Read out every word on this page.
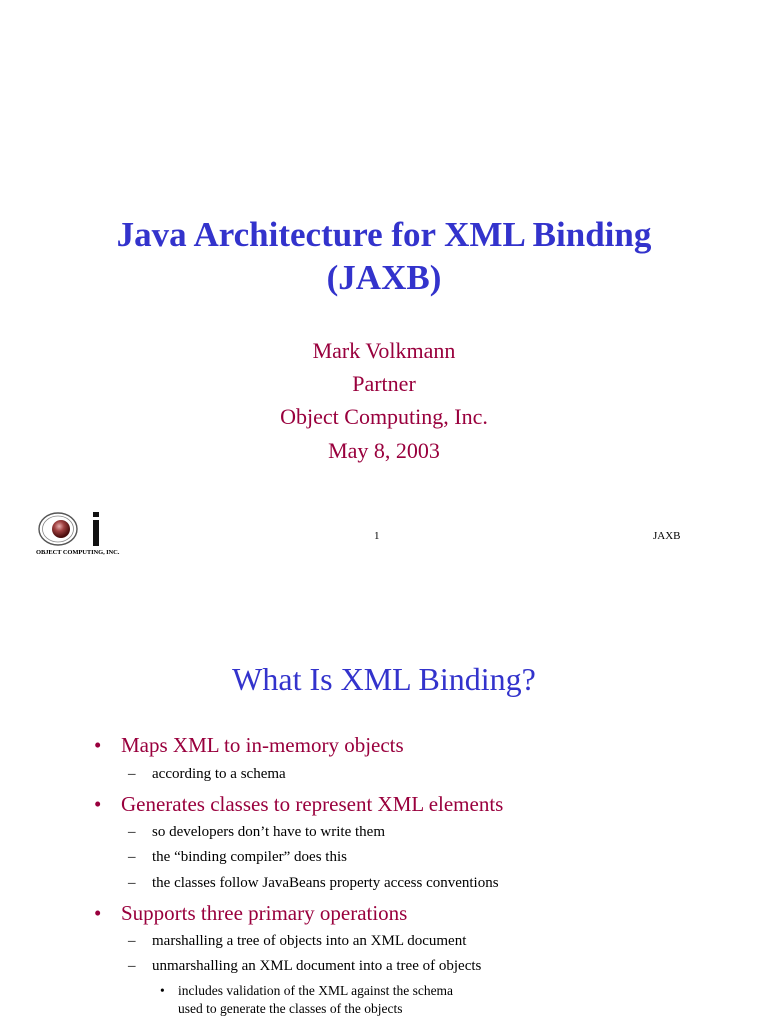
Java Architecture for XML Binding
(JAXB)
Mark Volkmann
Partner
Object Computing, Inc.
May 8, 2003
OBJECT COMPUTING, INC.
1	JAXB
What Is XML Binding?
• Maps XML to in-memory objects
– according to a schema
• Generates classes to represent XML elements
– so developers don’t have to write them
– the “binding compiler” does this
– the classes follow JavaBeans property access conventions
• Supports three primary operations
– marshalling a tree of objects into an XML document
– unmarshalling an XML document into a tree of objects
• includes validation of the XML against the schema
used to generate the classes of the objects
